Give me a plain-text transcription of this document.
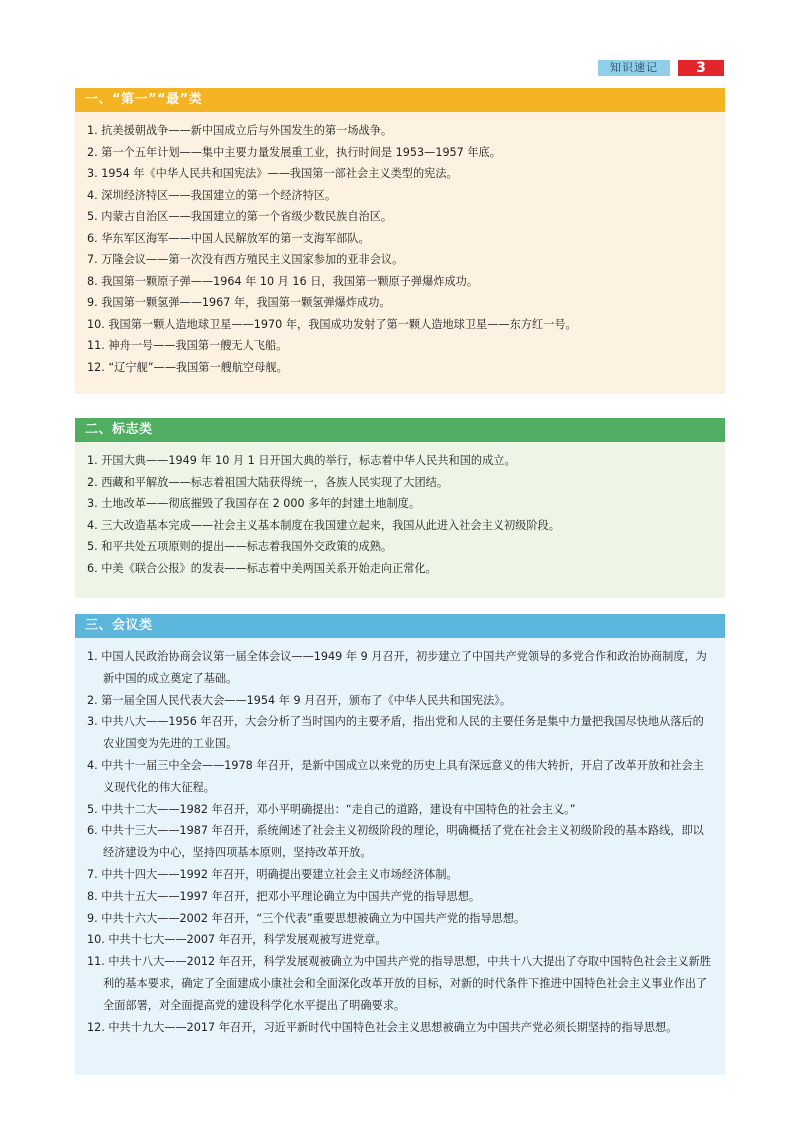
知识速记	3
一、“第一”“最”类
1. 抗美援朝战争——新中国成立后与外国发生的第一场战争。
2. 第一个五年计划——集中主要力量发展重工业，执行时间是 1953—1957 年底。
3. 1954 年《中华人民共和国宪法》——我国第一部社会主义类型的宪法。
4. 深圳经济特区——我国建立的第一个经济特区。
5. 内蒙古自治区——我国建立的第一个省级少数民族自治区。
6. 华东军区海军——中国人民解放军的第一支海军部队。
7. 万隆会议——第一次没有西方殖民主义国家参加的亚非会议。
8. 我国第一颗原子弹——1964 年 10 月 16 日，我国第一颗原子弹爆炸成功。
9. 我国第一颗氢弹——1967 年，我国第一颗氢弹爆炸成功。
10. 我国第一颗人造地球卫星——1970 年，我国成功发射了第一颗人造地球卫星——东方红一号。
11. 神舟一号——我国第一艘无人飞船。
12. “辽宁舰”——我国第一艘航空母舰。
二、标志类
1. 开国大典——1949 年 10 月 1 日开国大典的举行，标志着中华人民共和国的成立。
2. 西藏和平解放——标志着祖国大陆获得统一，各族人民实现了大团结。
3. 土地改革——彻底摧毁了我国存在 2 000 多年的封建土地制度。
4. 三大改造基本完成——社会主义基本制度在我国建立起来，我国从此进入社会主义初级阶段。
5. 和平共处五项原则的提出——标志着我国外交政策的成熟。
6. 中美《联合公报》的发表——标志着中美两国关系开始走向正常化。
三、会议类
1. 中国人民政治协商会议第一届全体会议——1949 年 9 月召开，初步建立了中国共产党领导的多党合作和政治协商制度，为新中国的成立奠定了基础。
2. 第一届全国人民代表大会——1954 年 9 月召开，颁布了《中华人民共和国宪法》。
3. 中共八大——1956 年召开，大会分析了当时国内的主要矛盾，指出党和人民的主要任务是集中力量把我国尽快地从落后的农业国变为先进的工业国。
4. 中共十一届三中全会——1978 年召开，是新中国成立以来党的历史上具有深远意义的伟大转折，开启了改革开放和社会主义现代化的伟大征程。
5. 中共十二大——1982 年召开，邓小平明确提出：“走自己的道路，建设有中国特色的社会主义。”
6. 中共十三大——1987 年召开，系统阐述了社会主义初级阶段的理论，明确概括了党在社会主义初级阶段的基本路线，即以经济建设为中心，坚持四项基本原则，坚持改革开放。
7. 中共十四大——1992 年召开，明确提出要建立社会主义市场经济体制。
8. 中共十五大——1997 年召开，把邓小平理论确立为中国共产党的指导思想。
9. 中共十六大——2002 年召开，“三个代表”重要思想被确立为中国共产党的指导思想。
10. 中共十七大——2007 年召开，科学发展观被写进党章。
11. 中共十八大——2012 年召开，科学发展观被确立为中国共产党的指导思想，中共十八大提出了夺取中国特色社会主义新胜利的基本要求，确定了全面建成小康社会和全面深化改革开放的目标，对新的时代条件下推进中国特色社会主义事业作出了全面部署，对全面提高党的建设科学化水平提出了明确要求。
12. 中共十九大——2017 年召开，习近平新时代中国特色社会主义思想被确立为中国共产党必须长期坚持的指导思想。
